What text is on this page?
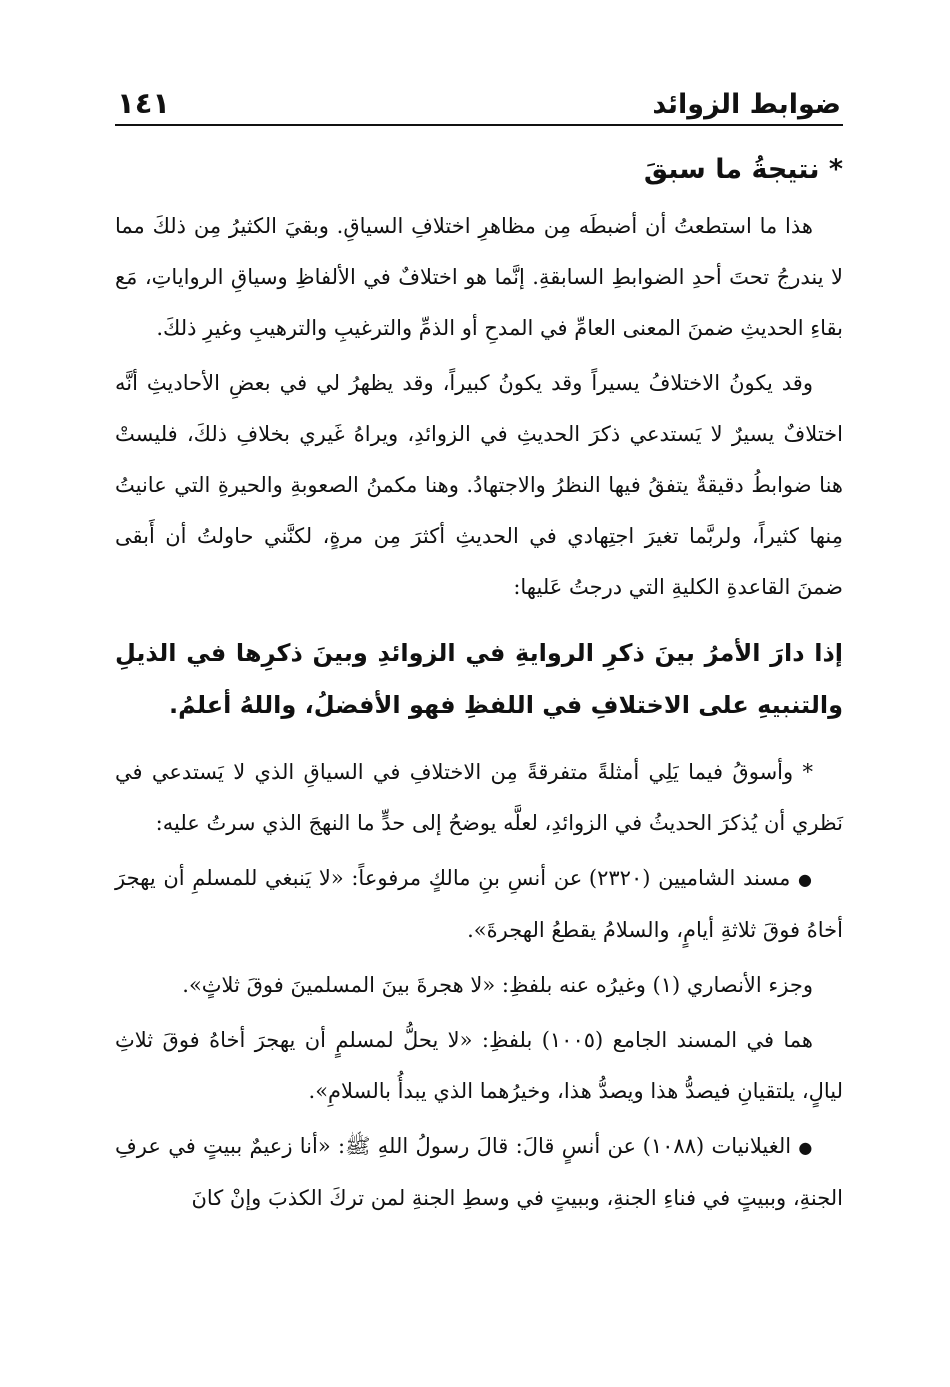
ضوابط الزوائد
١٤١
* نتيجةُ ما سبقَ

هذا ما استطعتُ أن أضبطَه مِن مظاهرِ اختلافِ السياقِ. وبقيَ الكثيرُ مِن ذلكَ مما لا يندرجُ تحتَ أحدِ الضوابطِ السابقةِ. إنَّما هو اختلافٌ في الألفاظِ وسياقِ الرواياتِ، مَع بقاءِ الحديثِ ضمنَ المعنى العامِّ في المدحِ أو الذمِّ والترغيبِ والترهيبِ وغيرِ ذلكَ.

وقد يكونُ الاختلافُ يسيراً وقد يكونُ كبيراً، وقد يظهرُ لي في بعضِ الأحاديثِ أنَّه اختلافٌ يسيرٌ لا يَستدعي ذكرَ الحديثِ في الزوائدِ، ويراهُ غَيري بخلافِ ذلكَ، فليستْ هنا ضوابطُ دقيقةٌ يتفقُ فيها النظرُ والاجتهادُ. وهنا مكمنُ الصعوبةِ والحيرةِ التي عانيتُ مِنها كثيراً، ولربَّما تغيرَ اجتِهادي في الحديثِ أكثرَ مِن مرةٍ، لكنَّني حاولتُ أن أَبقى ضمنَ القاعدةِ الكليةِ التي درجتُ عَليها:

إذا دارَ الأمرُ بينَ ذكرِ الروايةِ في الزوائدِ وبينَ ذكرِها في الذيلِ والتنبيهِ على الاختلافِ في اللفظِ فهو الأفضلُ، واللهُ أعلمُ.

* وأسوقُ فيما يَلِي أمثلةً متفرقةً مِن الاختلافِ في السياقِ الذي لا يَستدعي في نَظري أن يُذكرَ الحديثُ في الزوائدِ، لعلَّه يوضحُ إلى حدٍّ ما النهجَ الذي سرتُ عليه:

● مسند الشاميين (٢٣٢٠) عن أنسِ بنِ مالكٍ مرفوعاً: «لا يَنبغي للمسلمِ أن يهجرَ أخاهُ فوقَ ثلاثةِ أيامٍ، والسلامُ يقطعُ الهجرةَ».

وجزء الأنصاري (١) وغيرُه عنه بلفظِ: «لا هجرةَ بينَ المسلمينَ فوقَ ثلاثٍ».

هما في المسند الجامع (١٠٠٥) بلفظِ: «لا يحلُّ لمسلمٍ أن يهجرَ أخاهُ فوقَ ثلاثِ ليالٍ، يلتقيانِ فيصدُّ هذا ويصدُّ هذا، وخيرُهما الذي يبدأُ بالسلامِ».

● الغيلانيات (١٠٨٨) عن أنسٍ قالَ: قالَ رسولُ اللهِ ﷺ: «أنا زعيمٌ ببيتٍ في عرفِ الجنةِ، وببيتٍ في فناءِ الجنةِ، وببيتٍ في وسطِ الجنةِ لمن تركَ الكذبَ وإنْ كانَ
